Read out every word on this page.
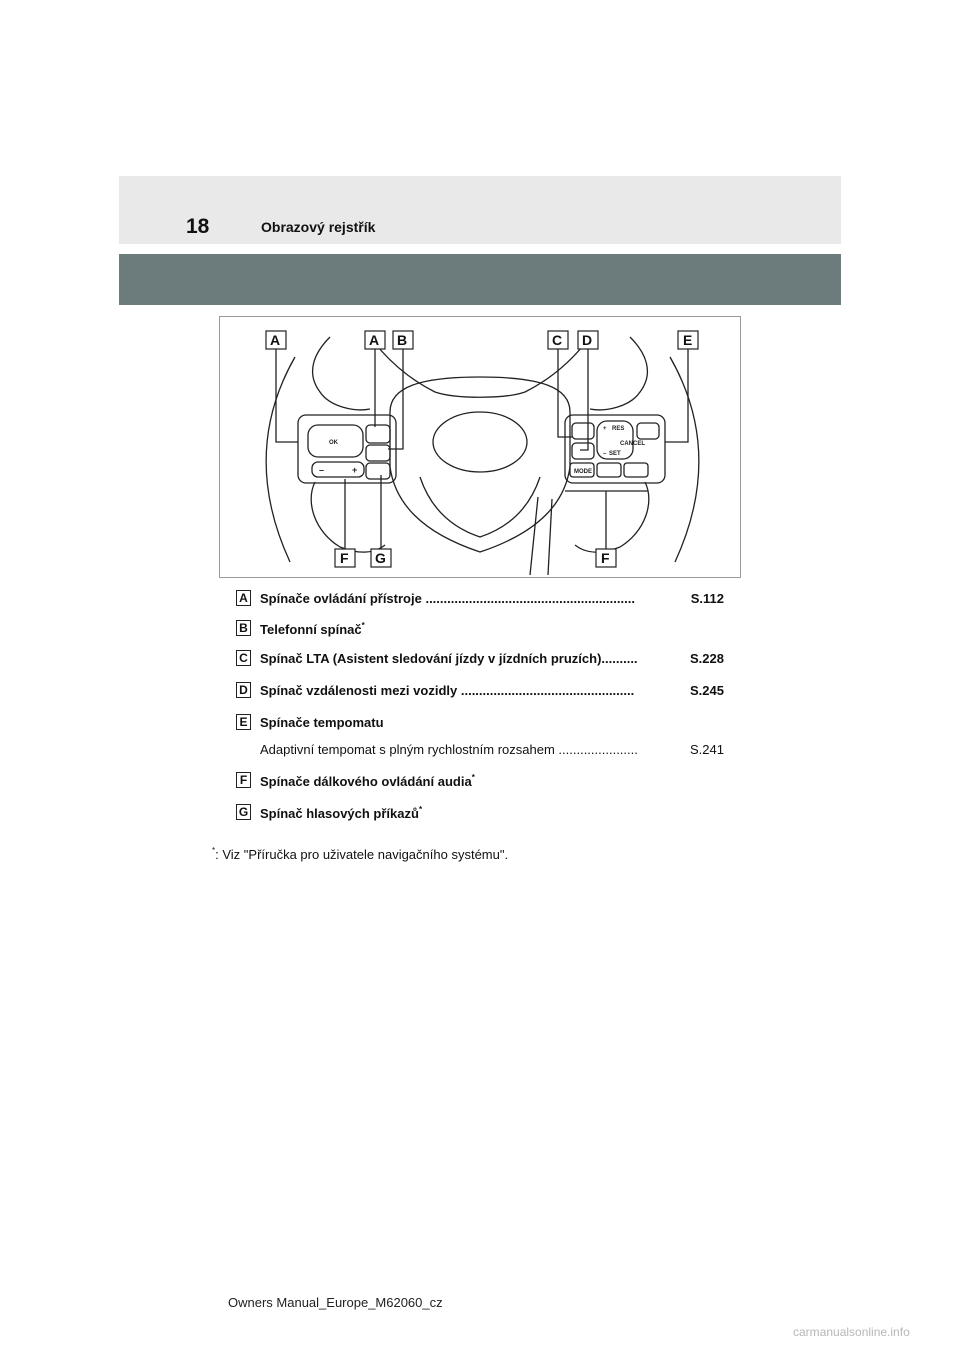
18	Obrazový rejstřík
OK
RES
CANCEL
SET
MODE
+
–
–	+
A	A B	C D	E
F G	F
A Spínače ovládání přístroje ..........................................................	S.112
B Telefonní spínač*
C Spínač LTA (Asistent sledování jízdy v jízdních pruzích)..........	S.228
D Spínač vzdálenosti mezi vozidly ................................................	S.245
E Spínače tempomatu
Adaptivní tempomat s plným rychlostním rozsahem ......................	S.241
F Spínače dálkového ovládání audia*
G Spínač hlasových příkazů*
*: Viz "Příručka pro uživatele navigačního systému".
Owners Manual_Europe_M62060_cz
carmanualsonline.info
